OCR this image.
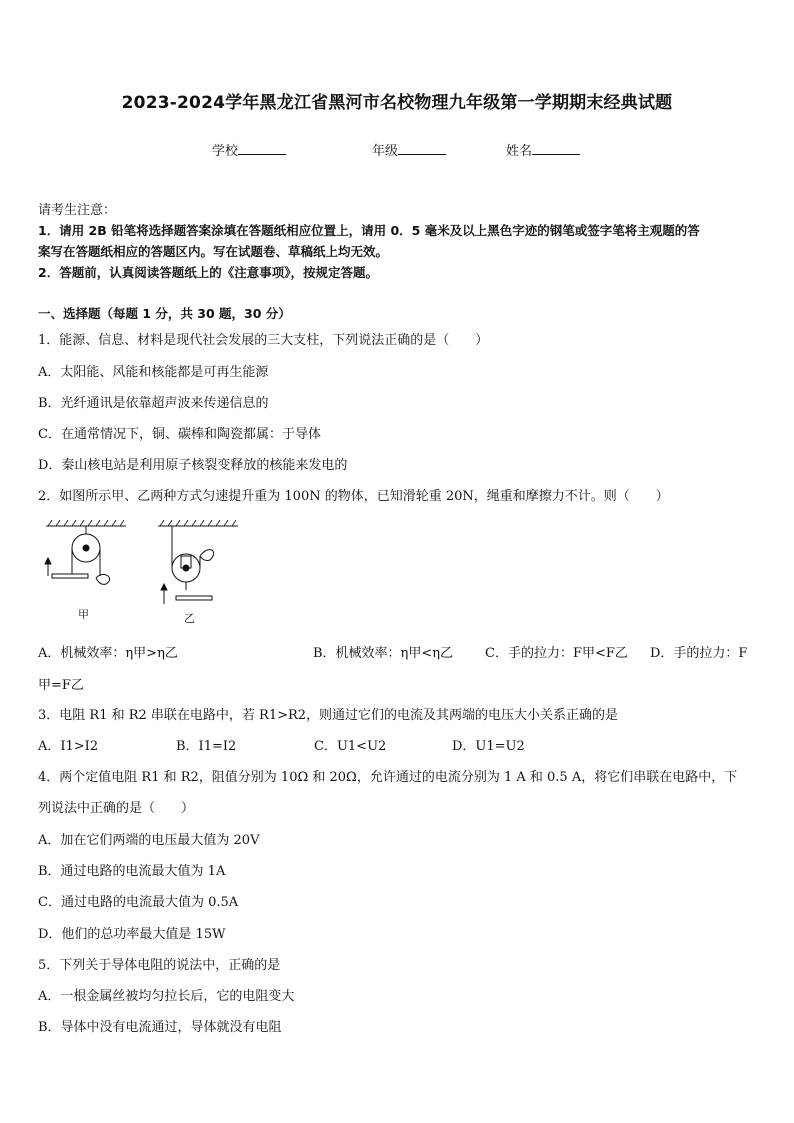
2023-2024学年黑龙江省黑河市名校物理九年级第一学期期末经典试题
学校	年级	姓名
请考生注意：
1．请用 2B 铅笔将选择题答案涂填在答题纸相应位置上，请用 0．5 毫米及以上黑色字迹的钢笔或签字笔将主观题的答
案写在答题纸相应的答题区内。写在试题卷、草稿纸上均无效。
2．答题前，认真阅读答题纸上的《注意事项》，按规定答题。
一、选择题（每题 1 分，共 30 题，30 分）
1．能源、信息、材料是现代社会发展的三大支柱，下列说法正确的是（　　）
A．太阳能、风能和核能都是可再生能源
B．光纤通讯是依靠超声波来传递信息的
C．在通常情况下，铜、碳棒和陶瓷都属：于导体
D．秦山核电站是利用原子核裂变释放的核能来发电的
2．如图所示甲、乙两种方式匀速提升重为 100N 的物体，已知滑轮重 20N，绳重和摩擦力不计。则（　　）
甲	乙
A．机械效率：η甲>η乙	B．机械效率：η甲<η乙 C．手的拉力：F甲<F乙 D．手的拉力：F
甲=F乙
3．电阻 R1 和 R2 串联在电路中，若 R1>R2，则通过它们的电流及其两端的电压大小关系正确的是
A．I1>I2	B．I1=I2	C．U1<U2	D．U1=U2
4．两个定值电阻 R1 和 R2，阻值分别为 10Ω 和 20Ω，允许通过的电流分别为 1 A 和 0.5 A，将它们串联在电路中，下
列说法中正确的是（　　）
A．加在它们两端的电压最大值为 20V
B．通过电路的电流最大值为 1A
C．通过电路的电流最大值为 0.5A
D．他们的总功率最大值是 15W
5．下列关于导体电阻的说法中，正确的是
A．一根金属丝被均匀拉长后，它的电阻变大
B．导体中没有电流通过，导体就没有电阻
